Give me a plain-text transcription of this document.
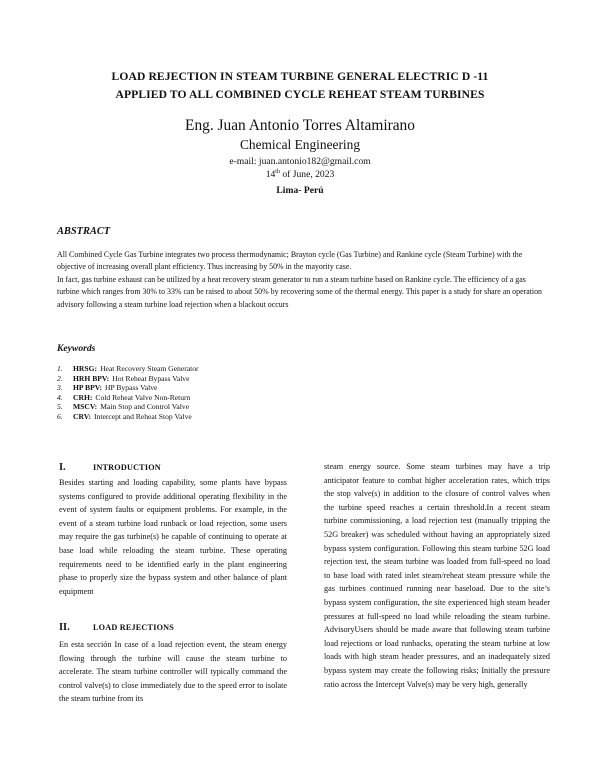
LOAD REJECTION IN STEAM TURBINE GENERAL ELECTRIC D -11
APPLIED TO ALL COMBINED CYCLE REHEAT STEAM TURBINES
Eng. Juan Antonio Torres Altamirano
Chemical Engineering
e-mail: juan.antonio182@gmail.com
14th of June, 2023
Lima- Perú
ABSTRACT

All Combined Cycle Gas Turbine integrates two process thermodynamic; Brayton cycle (Gas Turbine) and Rankine cycle (Steam Turbine) with the objective of increasing overall plant efficiency. Thus increasing by 50% in the mayority case.

In fact, gas turbine exhaust can be utilized by a heat recovery steam generator to run a steam turbine based on Rankine cycle. The efficiency of a gas turbine which ranges from 30% to 33% can be raised to about 50% by recovering some of the thermal energy. This paper is a study for share an operation advisory following a steam turbine load rejection when a blackout occurs

Keywords
1.	HRSG: Heat Recovery Steam Generator
2.	HRH BPV: Hot Reheat Bypass Valve
3.	HP BPV: HP Bypass Valve
4.	CRH: Cold Reheat Valve Non-Return
5.	MSCV: Main Stop and Control Valve
6.	CRV: Intercept and Reheat Stop Valve
I.	INTRODUCTION

Besides starting and loading capability, some plants have bypass systems configured to provide additional operating flexibility in the event of system faults or equipment problems. For example, in the event of a steam turbine load runback or load rejection, some users may require the gas turbine(s) be capable of continuing to operate at base load while reloading the steam turbine. These operating requirements need to be identified early in the plant engineering phase to properly size the bypass system and other balance of plant equipment

II.	LOAD REJECTIONS

En esta sección In case of a load rejection event, the steam energy flowing through the turbine will cause the steam turbine to accelerate. The steam turbine controller will typically command the control valve(s) to close immediately due to the speed error to isolate the steam turbine from its

steam energy source. Some steam turbines may have a trip anticipator feature to combat higher acceleration rates, which trips the stop valve(s) in addition to the closure of control valves when the turbine speed reaches a certain threshold.In a recent steam turbine commissioning, a load rejection test (manually tripping the 52G breaker) was scheduled without having an appropriately sized bypass system configuration. Following this steam turbine 52G load rejection test, the steam turbine was loaded from full-speed no load to base load with rated inlet steam/reheat steam pressure while the gas turbines continued running near baseload. Due to the site’s bypass system configuration, the site experienced high steam header pressures at full-speed no load while reloading the steam turbine. AdvisoryUsers should be made aware that following steam turbine load rejections or load runbacks, operating the steam turbine at low loads with high steam header pressures, and an inadequately sized bypass system may create the following risks; Initially the pressure ratio across the Intercept Valve(s) may be very high, generally
